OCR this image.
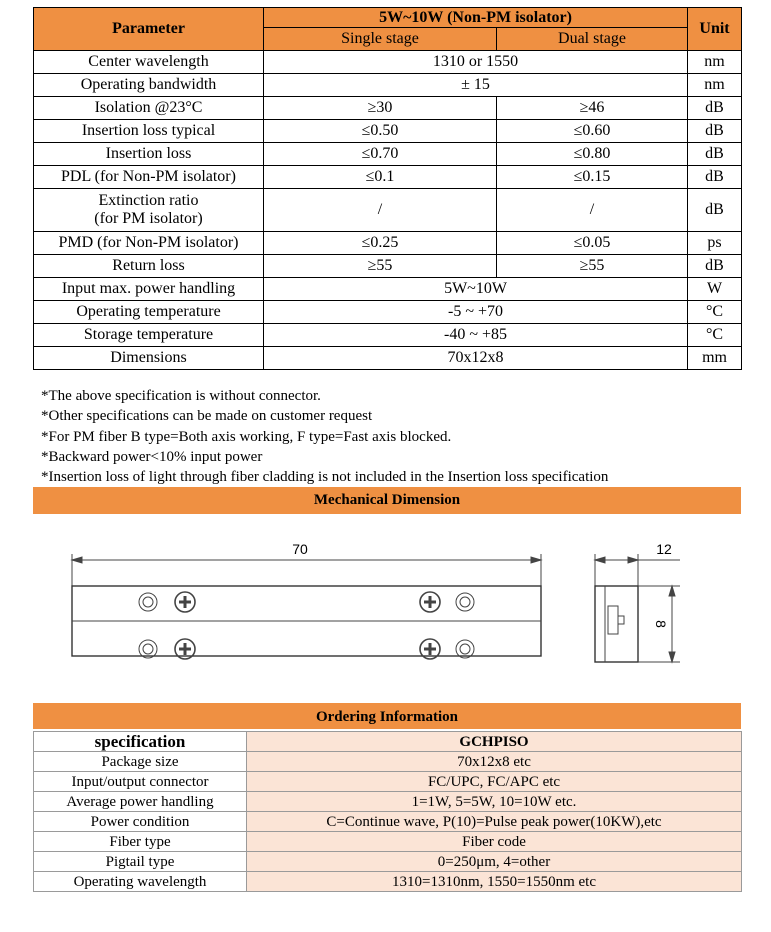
Parameter	5W~10W (Non-PM isolator)		Unit
	Single stage	Dual stage	
Center wavelength	1310 or 1550		nm
Operating bandwidth	± 15		nm
Isolation @23°C	≥30	≥46	dB
Insertion loss typical	≤0.50	≤0.60	dB
Insertion loss	≤0.70	≤0.80	dB
PDL (for Non-PM isolator)	≤0.1	≤0.15	dB

Extinction ratio
(for PM isolator)	/	/	dB
PMD (for Non-PM isolator)	≤0.25	≤0.05	ps
Return loss	≥55	≥55	dB
Input max. power handling	5W~10W		W
Operating temperature	-5 ~ +70		°C
Storage temperature	-40 ~ +85		°C
Dimensions	70x12x8		mm
*The above specification is without connector.
*Other specifications can be made on customer request
*For PM fiber B type=Both axis working, F type=Fast axis blocked.
*Backward power<10% input power
*Insertion loss of light through fiber cladding is not included in the Insertion loss specification
Mechanical Dimension
70	12
8
Ordering Information
specification	GCHPISO
Package size	70x12x8 etc
Input/output connector	FC/UPC, FC/APC etc
Average power handling	1=1W, 5=5W, 10=10W etc.
Power condition	C=Continue wave, P(10)=Pulse peak power(10KW),etc
Fiber type	Fiber code
Pigtail type	0=250μm, 4=other
Operating wavelength	1310=1310nm, 1550=1550nm etc
